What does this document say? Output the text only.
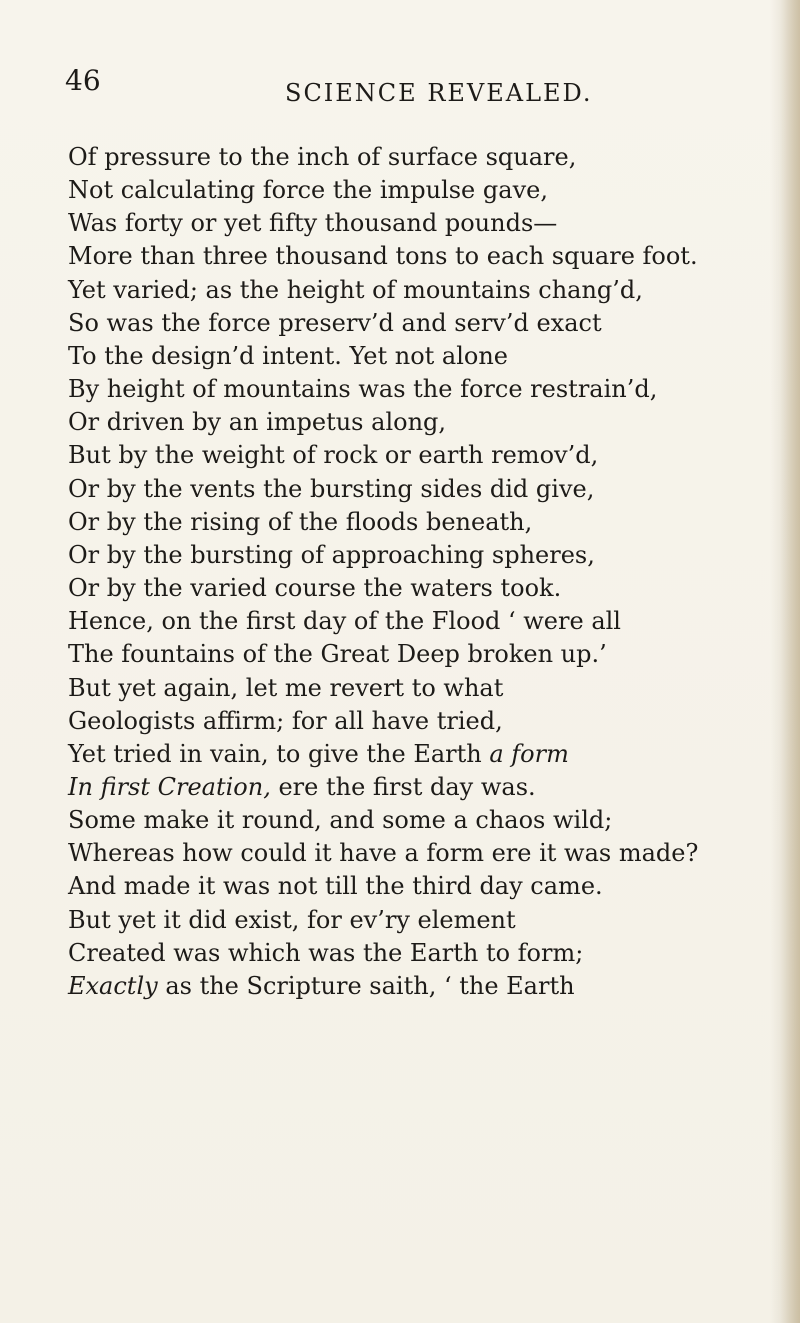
46	SCIENCE REVEALED.
Of pressure to the inch of surface square,
Not calculating force the impulse gave,
Was forty or yet fifty thousand pounds—
More than three thousand tons to each square foot.
Yet varied; as the height of mountains chang’d,
So was the force preserv’d and serv’d exact
To the design’d intent. Yet not alone
By height of mountains was the force restrain’d,
Or driven by an impetus along,
But by the weight of rock or earth remov’d,
Or by the vents the bursting sides did give,
Or by the rising of the floods beneath,
Or by the bursting of approaching spheres,
Or by the varied course the waters took.
Hence, on the first day of the Flood ‘ were all
The fountains of the Great Deep broken up.’
But yet again, let me revert to what
Geologists affirm; for all have tried,
Yet tried in vain, to give the Earth a form
In first Creation, ere the first day was.
Some make it round, and some a chaos wild;
Whereas how could it have a form ere it was made?
And made it was not till the third day came.
But yet it did exist, for ev’ry element
Created was which was the Earth to form;
Exactly as the Scripture saith, ‘ the Earth
